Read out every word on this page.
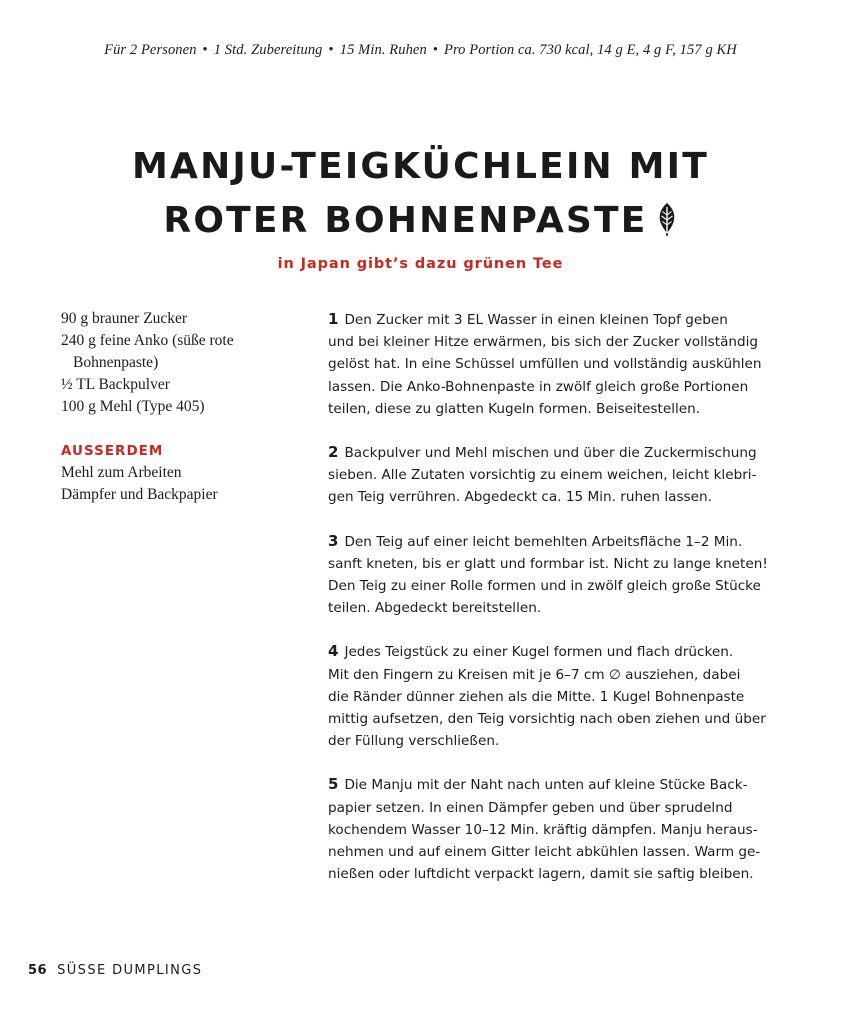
Für 2 Personen • 1 Std. Zubereitung • 15 Min. Ruhen • Pro Portion ca. 730 kcal, 14 g E, 4 g F, 157 g KH
MANJU-TEIGKÜCHLEIN MIT
ROTER BOHNENPASTE
in Japan gibt’s dazu grünen Tee
90 g brauner Zucker
240 g feine Anko (süße rote Bohnenpaste)
½ TL Backpulver
100 g Mehl (Type 405)
AUSSERDEM
Mehl zum Arbeiten
Dämpfer und Backpapier
1 Den Zucker mit 3 EL Wasser in einen kleinen Topf geben
und bei kleiner Hitze erwärmen, bis sich der Zucker vollständig
gelöst hat. In eine Schüssel umfüllen und vollständig auskühlen
lassen. Die Anko-Bohnenpaste in zwölf gleich große Portionen
teilen, diese zu glatten Kugeln formen. Beiseitestellen.
2 Backpulver und Mehl mischen und über die Zuckermischung
sieben. Alle Zutaten vorsichtig zu einem weichen, leicht klebri-
gen Teig verrühren. Abgedeckt ca. 15 Min. ruhen lassen.
3 Den Teig auf einer leicht bemehlten Arbeitsfläche 1–2 Min.
sanft kneten, bis er glatt und formbar ist. Nicht zu lange kneten!
Den Teig zu einer Rolle formen und in zwölf gleich große Stücke
teilen. Abgedeckt bereitstellen.
4 Jedes Teigstück zu einer Kugel formen und flach drücken.
Mit den Fingern zu Kreisen mit je 6–7 cm ∅ ausziehen, dabei
die Ränder dünner ziehen als die Mitte. 1 Kugel Bohnenpaste
mittig aufsetzen, den Teig vorsichtig nach oben ziehen und über
der Füllung verschließen.
5 Die Manju mit der Naht nach unten auf kleine Stücke Back-
papier setzen. In einen Dämpfer geben und über sprudelnd
kochendem Wasser 10–12 Min. kräftig dämpfen. Manju heraus-
nehmen und auf einem Gitter leicht abkühlen lassen. Warm ge-
nießen oder luftdicht verpackt lagern, damit sie saftig bleiben.
56 SÜSSE DUMPLINGS
